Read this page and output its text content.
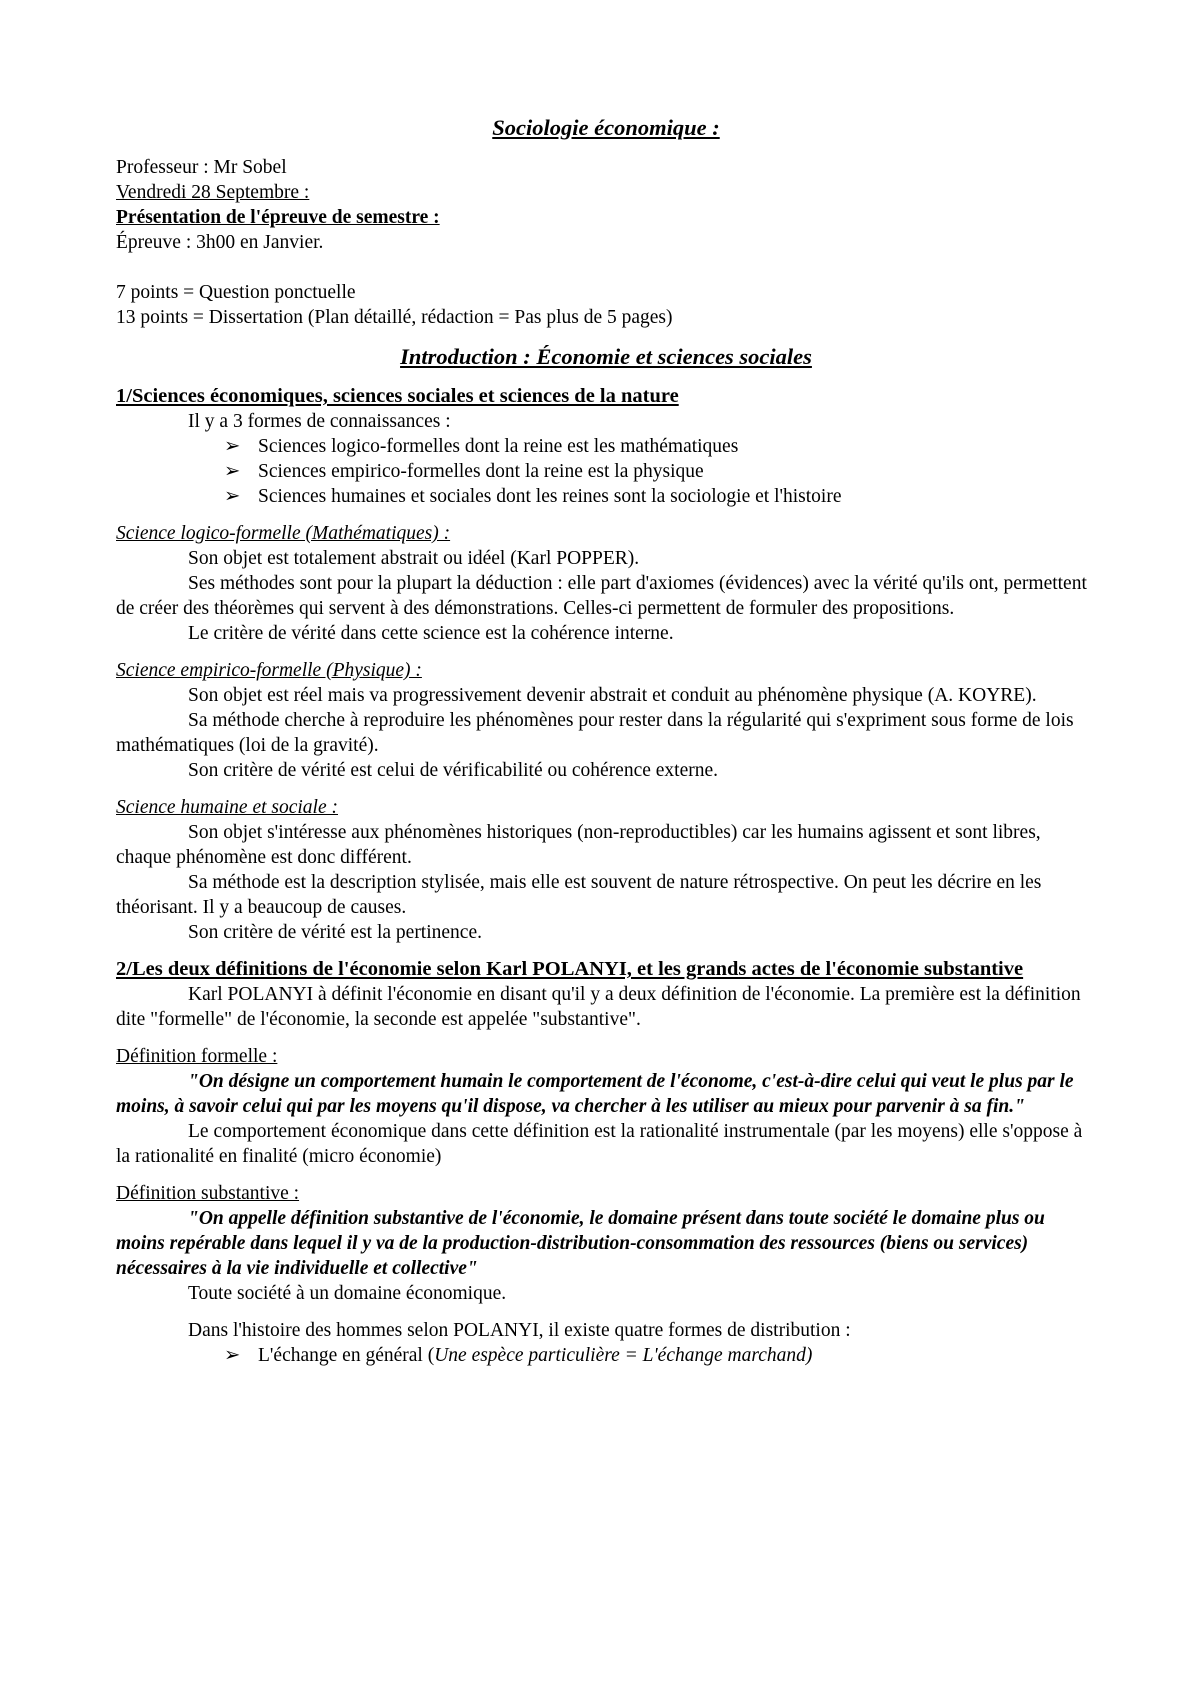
Sociologie économique :

Professeur : Mr Sobel

Vendredi 28 Septembre :

Présentation de l'épreuve de semestre :

Épreuve : 3h00 en Janvier.

7 points = Question ponctuelle

13 points = Dissertation (Plan détaillé, rédaction = Pas plus de 5 pages)

Introduction : Économie et sciences sociales

1/Sciences économiques, sciences sociales et sciences de la nature

Il y a 3 formes de connaissances :

➢ Sciences logico-formelles dont la reine est les mathématiques
➢ Sciences empirico-formelles dont la reine est la physique
➢ Sciences humaines et sociales dont les reines sont la sociologie et l'histoire

Science logico-formelle (Mathématiques) :

Son objet est totalement abstrait ou idéel (Karl POPPER).

Ses méthodes sont pour la plupart la déduction : elle part d'axiomes (évidences) avec la vérité qu'ils ont, permettent de créer des théorèmes qui servent à des démonstrations. Celles-ci permettent de formuler des propositions.

Le critère de vérité dans cette science est la cohérence interne.

Science empirico-formelle (Physique) :

Son objet est réel mais va progressivement devenir abstrait et conduit au phénomène physique (A. KOYRE).

Sa méthode cherche à reproduire les phénomènes pour rester dans la régularité qui s'expriment sous forme de lois mathématiques (loi de la gravité).

Son critère de vérité est celui de vérificabilité ou cohérence externe.

Science humaine et sociale :

Son objet s'intéresse aux phénomènes historiques (non-reproductibles) car les humains agissent et sont libres, chaque phénomène est donc différent.

Sa méthode est la description stylisée, mais elle est souvent de nature rétrospective. On peut les décrire en les théorisant. Il y a beaucoup de causes.

Son critère de vérité est la pertinence.

2/Les deux définitions de l'économie selon Karl POLANYI, et les grands actes de l'économie substantive

Karl POLANYI à définit l'économie en disant qu'il y a deux définition de l'économie. La première est la définition dite "formelle" de l'économie, la seconde est appelée "substantive".

Définition formelle :

"On désigne un comportement humain le comportement de l'économe, c'est-à-dire celui qui veut le plus par le moins, à savoir celui qui par les moyens qu'il dispose, va chercher à les utiliser au mieux pour parvenir à sa fin."

Le comportement économique dans cette définition est la rationalité instrumentale (par les moyens) elle s'oppose à la rationalité en finalité (micro économie)

Définition substantive :

"On appelle définition substantive de l'économie, le domaine présent dans toute société le domaine plus ou moins repérable dans lequel il y va de la production-distribution-consommation des ressources (biens ou services) nécessaires à la vie individuelle et collective"

Toute société à un domaine économique.

Dans l'histoire des hommes selon POLANYI, il existe quatre formes de distribution :

➢ L'échange en général (Une espèce particulière = L'échange marchand)
